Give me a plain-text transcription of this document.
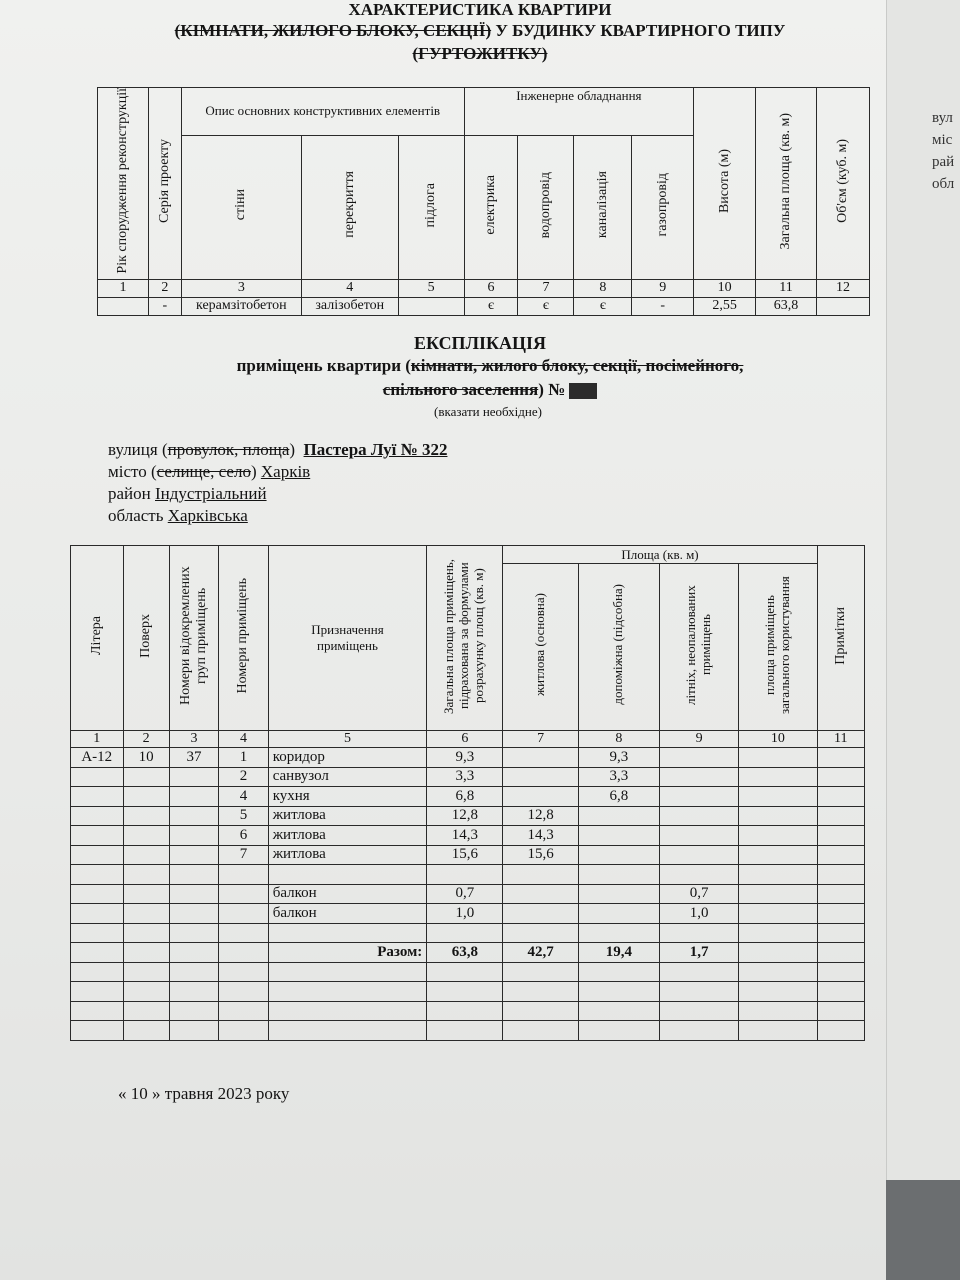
вул
міс
рай
обл
ХАРАКТЕРИСТИКА КВАРТИРИ
(КІМНАТИ, ЖИЛОГО БЛОКУ, СЕКЦІЇ) У БУДИНКУ КВАРТИРНОГО ТИПУ
(ГУРТОЖИТКУ)
Рік спорудження реконструкції	Серія проекту	Опис основних конструктивних елементів			Інженерне обладнання				Висота (м)	Загальна площа (кв. м)	Об'єм (куб. м)
		стіни	перекриття	підлога	електрика	водопровід	каналізація	газопровід			
1	2	3	4	5	6	7	8	9	10	11	12
	-	керамзітобетон	залізобетон		є	є	є	-	2,55	63,8	
ЕКСПЛІКАЦІЯ
приміщень квартири (кімнати, жилого блоку, секції, посімейного,
спільного заселення) №
(вказати необхідне)
вулиця (провулок, площа) Пастера Луї № 322
місто (селище, село) Харків
район Індустріальний
область Харківська
Літера	Поверх	Номери відокремлених груп приміщень	Номери приміщень	Призначення приміщень	Загальна площа приміщень, підрахована за формулами розрахунку площ (кв. м)	Площа (кв. м)				Примітки
						житлова (основна)	допоміжна (підсобна)	літніх, неопалюваних приміщень	площа приміщень загального користування	
1	2	3	4	5	6	7	8	9	10	11
А-12	10	37	1	коридор	9,3		9,3			
			2	санвузол	3,3		3,3			
			4	кухня	6,8		6,8			
			5	житлова	12,8	12,8				
			6	житлова	14,3	14,3				
			7	житлова	15,6	15,6				

				балкон	0,7			0,7		
				балкон	1,0			1,0		

				Разом:	63,8	42,7	19,4	1,7		

« 10 » травня 2023 року
